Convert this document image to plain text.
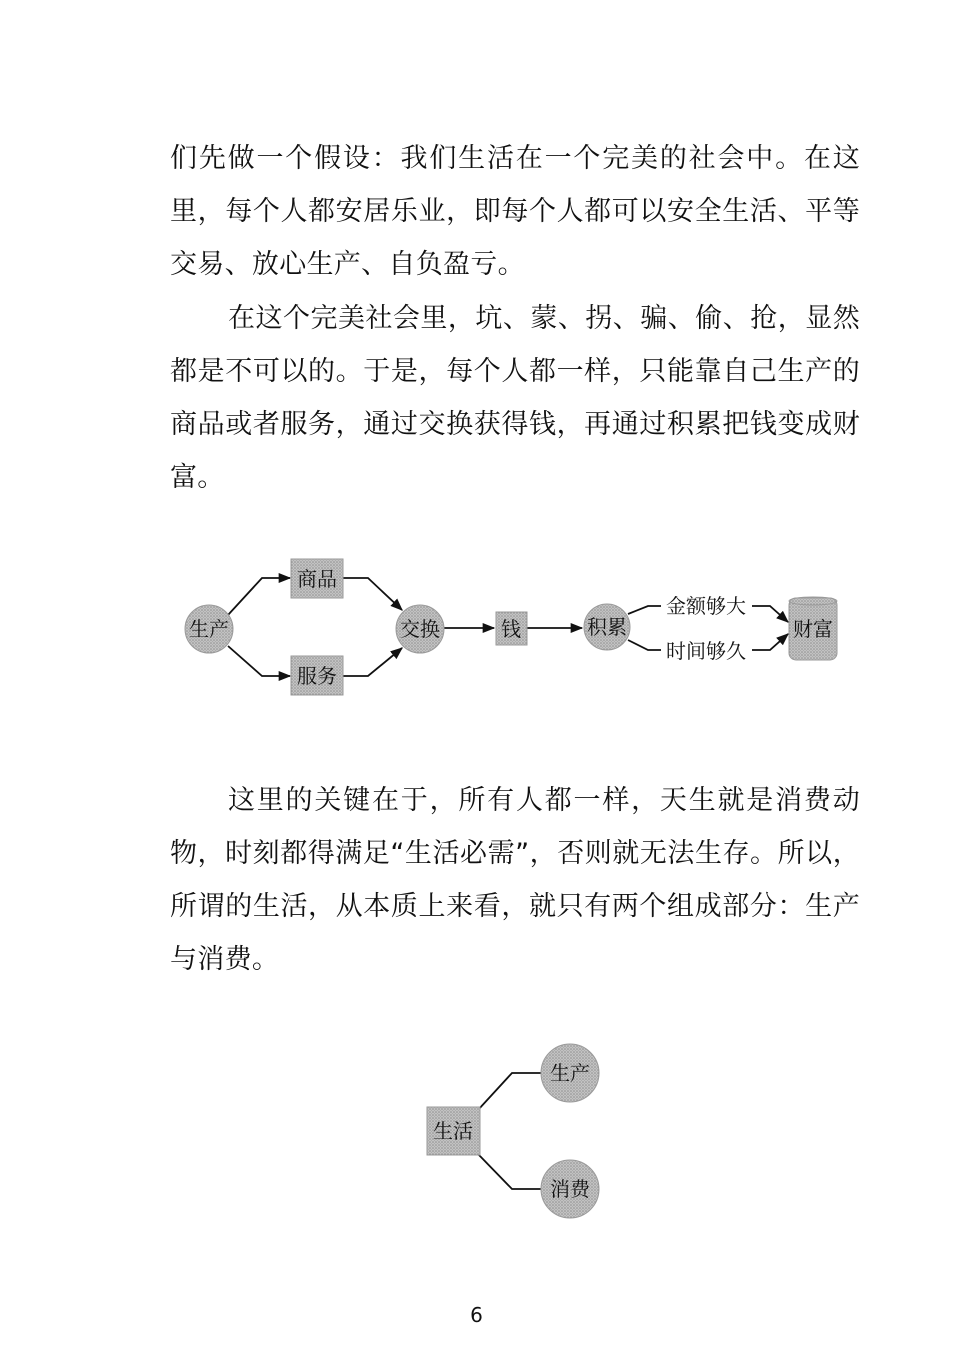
们先做一个假设：我们生活在一个完美的社会中。在这里，每个人都安居乐业，即每个人都可以安全生活、平等交易、放心生产、自负盈亏。

在这个完美社会里，坑、蒙、拐、骗、偷、抢，显然都是不可以的。于是，每个人都一样，只能靠自己生产的商品或者服务，通过交换获得钱，再通过积累把钱变成财富。

生产
商品
服务
交换	钱	积累
金额够大
时间够久
财富

这里的关键在于，所有人都一样，天生就是消费动物，时刻都得满足“生活必需”，否则就无法生存。所以，所谓的生活，从本质上来看，就只有两个组成部分：生产与消费。

生活
生产
消费
6
